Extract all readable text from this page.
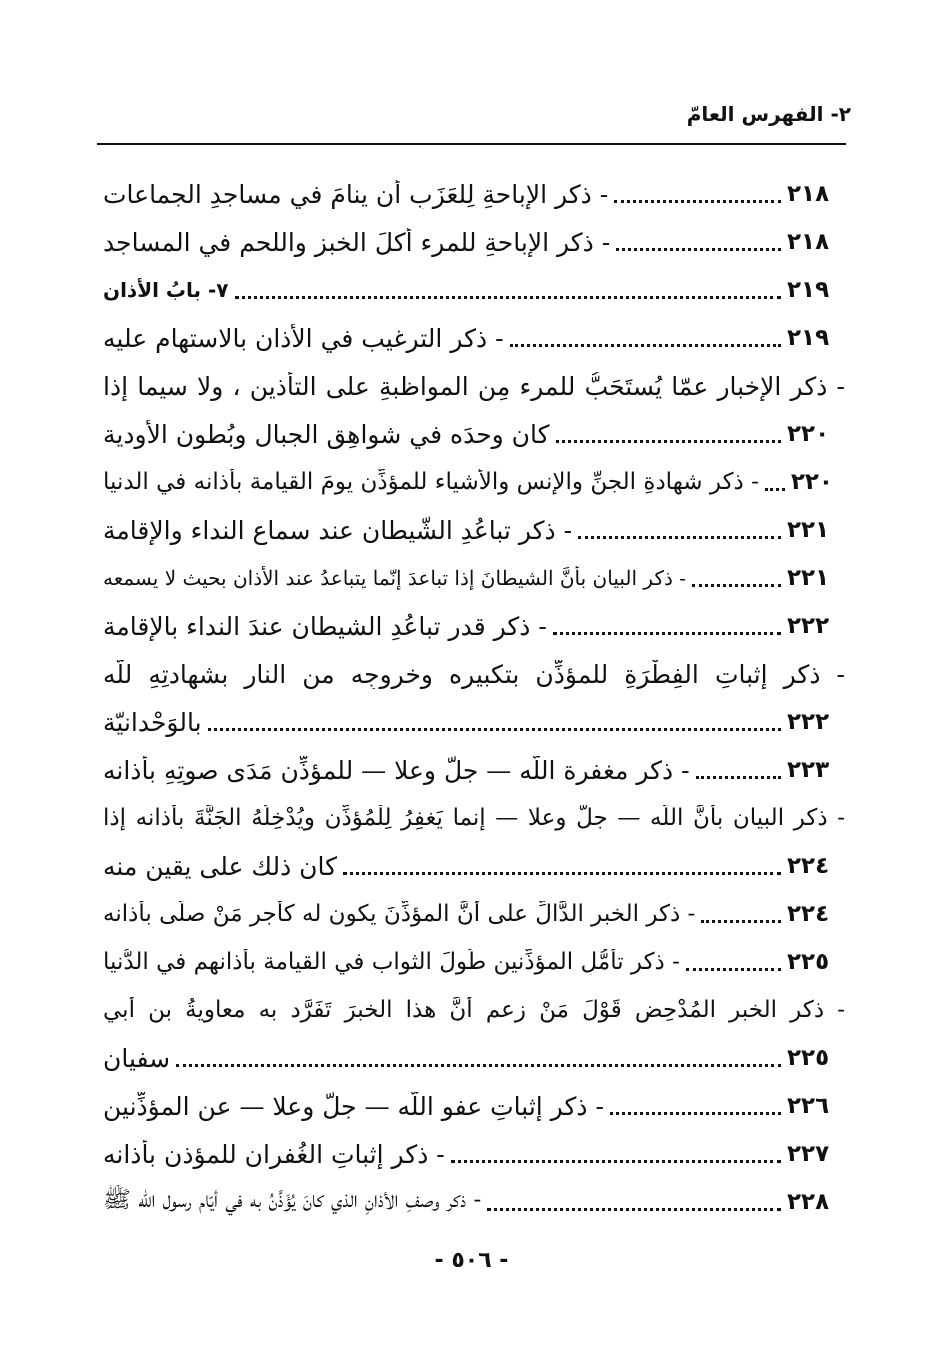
٢- الفهرس العامّ
- ذكر الإباحةِ لِلعَزَبِ أن ينامَ في مساجدِ الجماعات	٢١٨
- ذكر الإباحةِ للمرء أكلَ الخبز واللحمِ في المساجد	٢١٨
٧- بابُ الأذان	٢١٩
- ذكر الترغيب في الأذان بالاستهام عليه	٢١٩
- ذكر الإخبار عمّا يُستَحَبُّ للمرء مِن المواظبةِ على التأذين ، ولا سيما إذا
كان وحدَه في شواهِقِ الجبال وبُطون الأودية	٢٢٠
- ذكر شهادةِ الجنِّ والإنسِ والأشياء للمؤذِّن يومَ القيامة بأذانه في الدنيا ٢٢٠
- ذكر تباعُدِ الشّيطان عند سماع النداء والإقامة	٢٢١
- ذكر البيان بأنَّ الشيطانَ إذا تباعدَ إنّما يتباعدُ عند الأذان بحيث لا يسمعه	٢٢١
- ذكر قدرِ تباعُدِ الشيطان عندَ النداء بالإقامة	٢٢٢
- ذكر إثباتِ الفِطْرَةِ للمؤذِّن بتكبيره وخروجِه من النار بشهادتِهِ للّه
بالوَحْدانيّة	٢٢٢
- ذكر مغفرة اللّه — جلَّ وعلا — للمؤذِّن مَدَى صوتِهِ بأذانه	٢٢٣
- ذكر البيان بأنَّ اللّه — جلَّ وعلا — إنما يَغفِرُ لِلْمُؤذِّن ويُدْخِلُهُ الجَنَّةَ بأذانه إذا
كان ذلك على يقين منه	٢٢٤
- ذكر الخبرِ الدَّالِّ على أنَّ المؤذِّنَ يكون له كأجر مَنْ صلّى بأذانه	٢٢٤
- ذكر تأمُّلِ المؤذِّنين طُولَ الثواب في القيامة بأذانهم في الدُّنيا	٢٢٥
- ذكر الخبرِ المُدْحِضِ قَوْلَ مَنْ زعم أنَّ هذا الخبرَ تَفَرَّد به معاويةُ بن أبي
سفيان	٢٢٥
- ذكر إثباتِ عفوِ اللّه — جلَّ وعلا — عن المؤذِّنين	٢٢٦
- ذكر إثباتِ الغُفران للمؤذن بأذانه	٢٢٧
- ذكر وصفِ الأذانِ الذي كانَ يُؤَذَّنُ به في أيّام رسول اللّه ﷺ	٢٢٨
- ٥٠٦ -
